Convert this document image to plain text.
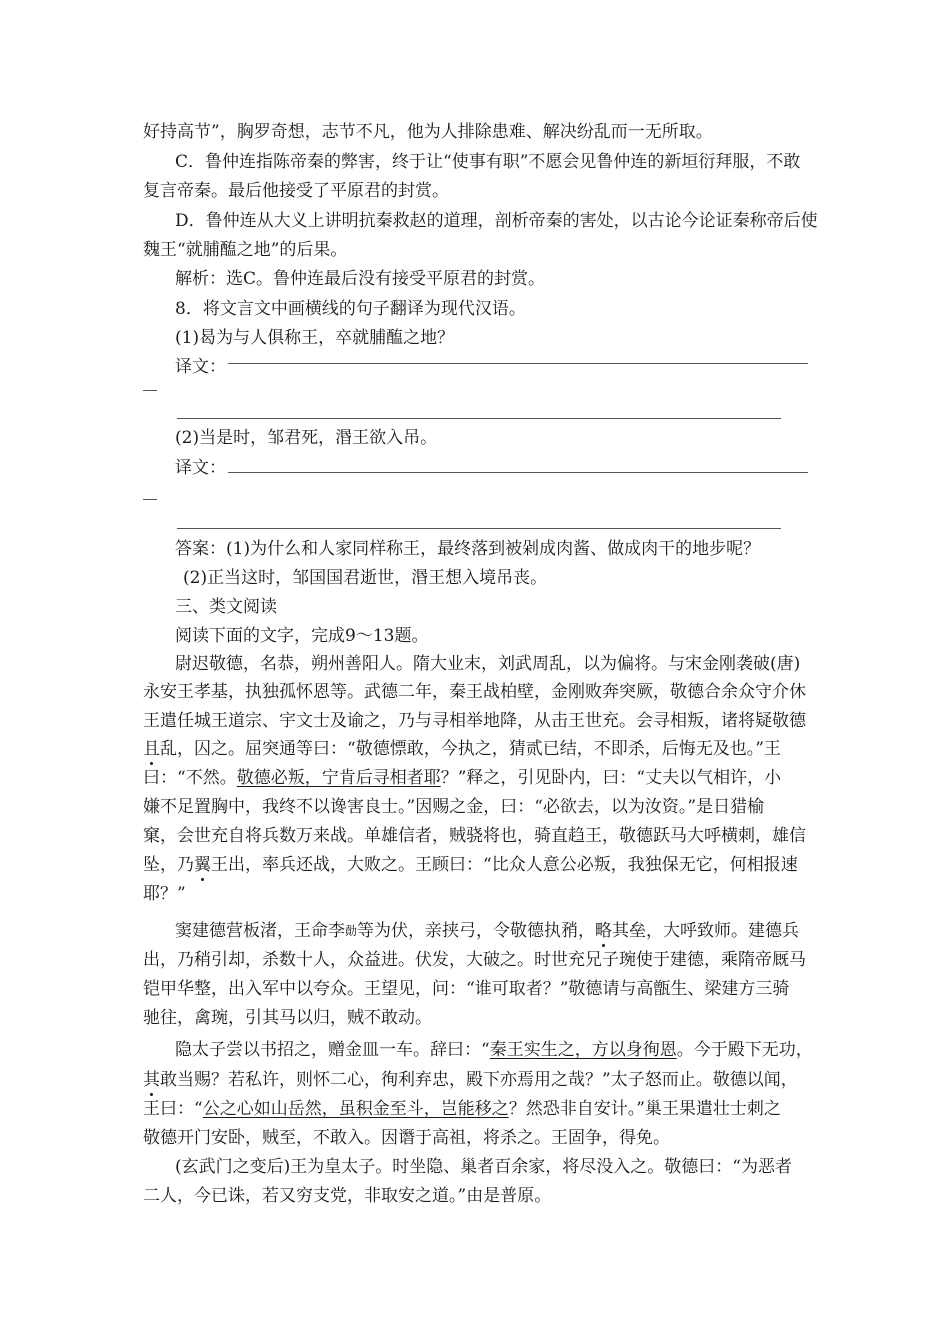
好持高节”，胸罗奇想，志节不凡，他为人排除患难、解决纷乱而一无所取。
C．鲁仲连指陈帝秦的弊害，终于让“使事有职”不愿会见鲁仲连的新垣衍拜服，不敢
复言帝秦。最后他接受了平原君的封赏。
D．鲁仲连从大义上讲明抗秦救赵的道理，剖析帝秦的害处，以古论今论证秦称帝后使
魏王“就脯醢之地”的后果。
解析：选C。鲁仲连最后没有接受平原君的封赏。
8．将文言文中画横线的句子翻译为现代汉语。
(1)曷为与人俱称王，卒就脯醢之地？
译文：
(2)当是时，邹君死，湣王欲入吊。
译文：
答案：(1)为什么和人家同样称王，最终落到被剁成肉酱、做成肉干的地步呢？
(2)正当这时，邹国国君逝世，湣王想入境吊丧。
三、类文阅读
阅读下面的文字，完成9～13题。
尉迟敬德，名恭，朔州善阳人。隋大业末，刘武周乱，以为偏将。与宋金刚袭破(唐)
永安王孝基，执独孤怀恩等。武德二年，秦王战柏壁，金刚败奔突厥，敬德合余众守介休
王遣任城王道宗、宇文士及谕之，乃与寻相举地降，从击王世充。会寻相叛，诸将疑敬德
且乱，囚之。屈突通等曰：“敬德慓敢，今执之，猜贰已结，不即杀，后悔无及也。”王
曰：“不然。敬德必叛，宁肯后寻相者耶？”释之，引见卧内，曰：“丈夫以气相许，小
嫌不足置胸中，我终不以谗害良士。”因赐之金，曰：“必欲去，以为汝资。”是日猎榆
窠，会世充自将兵数万来战。单雄信者，贼骁将也，骑直趋王，敬德跃马大呼横刺，雄信
坠，乃翼王出，率兵还战，大败之。王顾曰：“比众人意公必叛，我独保无它，何相报速
耶？”
窦建德营板渚，王命李$^勣$等为伏，亲挟弓，令敬德执矟，略其垒，大呼致师。建德兵
出，乃稍引却，杀数十人，众益进。伏发，大破之。时世充兄子琬使于建德，乘隋帝厩马
铠甲华整，出入军中以夸众。王望见，问：“谁可取者？”敬德请与高甑生、梁建方三骑
驰往，禽琬，引其马以归，贼不敢动。
隐太子尝以书招之，赠金皿一车。辞曰：“秦王实生之，方以身徇恩。今于殿下无功，
其敢当赐？若私许，则怀二心，徇利弃忠，殿下亦焉用之哉？”太子怒而止。敬德以闻，
王曰：“公之心如山岳然，虽积金至斗，岂能移之？然恐非自安计。”巢王果遣壮士刺之
敬德开门安卧，贼至，不敢入。因谮于高祖，将杀之。王固争，得免。
(玄武门之变后)王为皇太子。时坐隐、巢者百余家，将尽没入之。敬德曰：“为恶者
二人，今已诛，若又穷支党，非取安之道。”由是普原。
